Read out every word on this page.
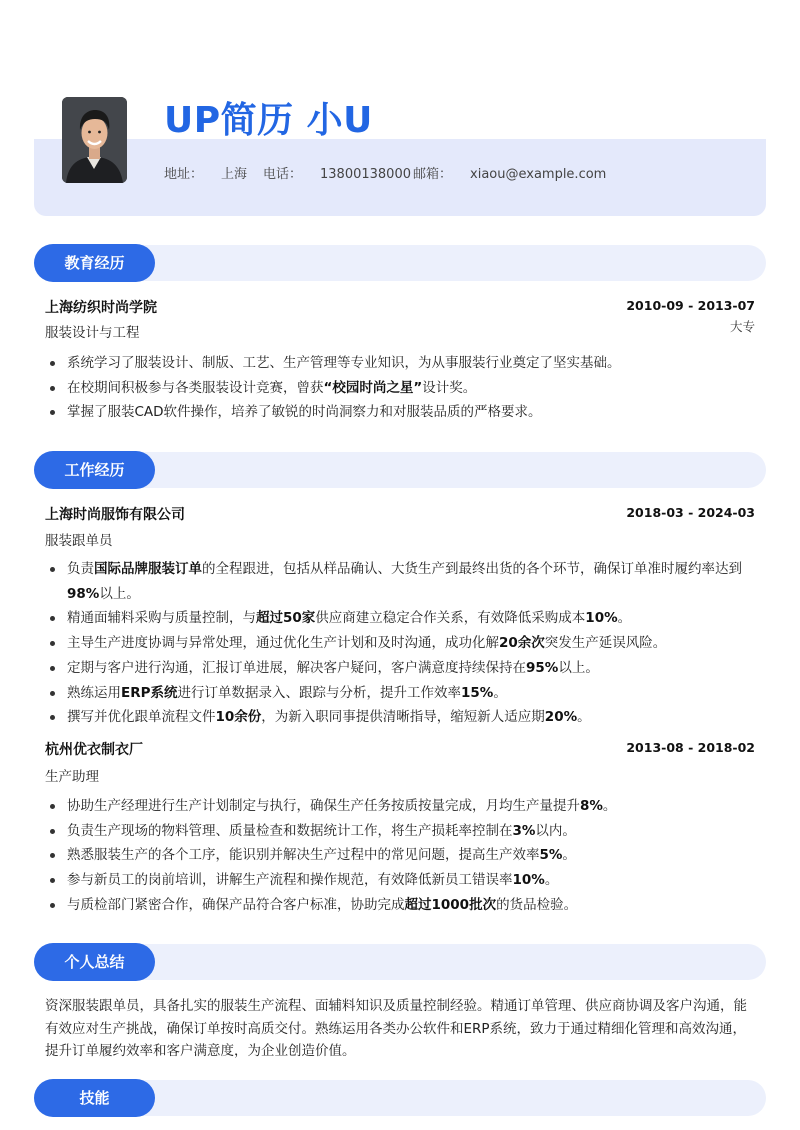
UP简历 小U
地址： 上海 电话： 13800138000 邮箱： xiaou@example.com
教育经历
上海纺织时尚学院	2010-09 - 2013-07
服装设计与工程	大专
系统学习了服装设计、制版、工艺、生产管理等专业知识，为从事服装行业奠定了坚实基础。
在校期间积极参与各类服装设计竞赛，曾获“校园时尚之星”设计奖。
掌握了服装CAD软件操作，培养了敏锐的时尚洞察力和对服装品质的严格要求。
工作经历
上海时尚服饰有限公司	2018-03 - 2024-03
服装跟单员
负责国际品牌服装订单的全程跟进，包括从样品确认、大货生产到最终出货的各个环节，确保订单准时履约率达到98%以上。
精通面辅料采购与质量控制，与超过50家供应商建立稳定合作关系，有效降低采购成本10%。
主导生产进度协调与异常处理，通过优化生产计划和及时沟通，成功化解20余次突发生产延误风险。
定期与客户进行沟通，汇报订单进展，解决客户疑问，客户满意度持续保持在95%以上。
熟练运用ERP系统进行订单数据录入、跟踪与分析，提升工作效率15%。
撰写并优化跟单流程文件10余份，为新入职同事提供清晰指导，缩短新人适应期20%。
杭州优衣制衣厂	2013-08 - 2018-02
生产助理
协助生产经理进行生产计划制定与执行，确保生产任务按质按量完成，月均生产量提升8%。
负责生产现场的物料管理、质量检查和数据统计工作，将生产损耗率控制在3%以内。
熟悉服装生产的各个工序，能识别并解决生产过程中的常见问题，提高生产效率5%。
参与新员工的岗前培训，讲解生产流程和操作规范，有效降低新员工错误率10%。
与质检部门紧密合作，确保产品符合客户标准，协助完成超过1000批次的货品检验。
个人总结
资深服装跟单员，具备扎实的服装生产流程、面辅料知识及质量控制经验。精通订单管理、供应商协调及客户沟通，能有效应对生产挑战，确保订单按时高质交付。熟练运用各类办公软件和ERP系统，致力于通过精细化管理和高效沟通，提升订单履约效率和客户满意度，为企业创造价值。
技能
